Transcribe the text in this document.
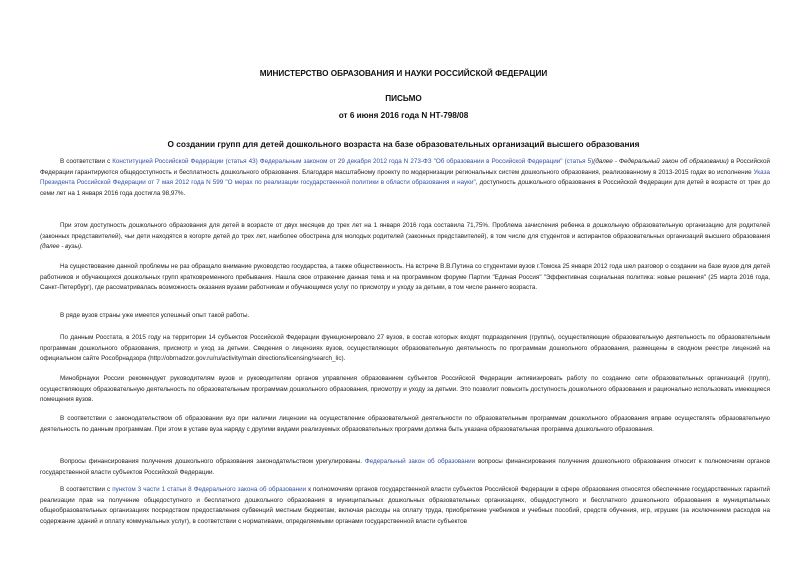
МИНИСТЕРСТВО ОБРАЗОВАНИЯ И НАУКИ РОССИЙСКОЙ ФЕДЕРАЦИИ
ПИСЬМО
от 6 июня 2016 года N НТ-798/08
О создании групп для детей дошкольного возраста на базе образовательных организаций высшего образования
В соответствии с Конституцией Российской Федерации (статья 43) Федеральным законом от 29 декабря 2012 года N 273-ФЗ "Об образовании в Российской Федерации" (статья 5)(далее - Федеральный закон об образовании) в Российской Федерации гарантируются общедоступность и бесплатность дошкольного образования. Благодаря масштабному проекту по модернизации региональных систем дошкольного образования, реализованному в 2013-2015 годах во исполнение Указа Президента Российской Федерации от 7 мая 2012 года N 599 "О мерах по реализации государственной политики в области образования и науки", доступность дошкольного образования в Российской Федерации для детей в возрасте от трех до семи лет на 1 января 2016 года достигла 98,97%.
При этом доступность дошкольного образования для детей в возрасте от двух месяцев до трех лет на 1 января 2016 года составила 71,75%. Проблема зачисления ребенка в дошкольную образовательную организацию для родителей (законных представителей), чьи дети находятся в когорте детей до трех лет, наиболее обострена для молодых родителей (законных представителей), в том числе для студентов и аспирантов образовательных организаций высшего образования (далее - вузы).
На существование данной проблемы не раз обращало внимание руководство государства, а также общественность. На встрече В.В.Путина со студентами вузов г.Томска 25 января 2012 года шел разговор о создании на базе вузов для детей работников и обучающихся дошкольных групп кратковременного пребывания. Нашла свое отражение данная тема и на программном форуме Партии "Единая Россия" "Эффективная социальная политика: новые решения" (25 марта 2016 года, Санкт-Петербург), где рассматривалась возможность оказания вузами работникам и обучающимся услуг по присмотру и уходу за детьми, в том числе раннего возраста.
В ряде вузов страны уже имеется успешный опыт такой работы.
По данным Росстата, в 2015 году на территории 14 субъектов Российской Федерации функционировало 27 вузов, в состав которых входят подразделения (группы), осуществляющие образовательную деятельность по образовательным программам дошкольного образования, присмотр и уход за детьми. Сведения о лицензиях вузов, осуществляющих образовательную деятельность по программам дошкольного образования, размещены в сводном реестре лицензий на официальном сайте Рособрнадзора (http://obrnadzor.gov.ru/ru/activity/main directions/licensing/search_lic).
Минобрнауки России рекомендует руководителям вузов и руководителям органов управления образованием субъектов Российской Федерации активизировать работу по созданию сети образовательных организаций (групп), осуществляющих образовательную деятельность по образовательным программам дошкольного образования, присмотру и уходу за детьми. Это позволит повысить доступность дошкольного образования и рационально использовать имеющиеся помещения вузов.
В соответствии с законодательством об образовании вуз при наличии лицензии на осуществление образовательной деятельности по образовательным программам дошкольного образования вправе осуществлять образовательную деятельность по данным программам. При этом в уставе вуза наряду с другими видами реализуемых образовательных программ должна быть указана образовательная программа дошкольного образования.
Вопросы финансирования получения дошкольного образования законодательством урегулированы. Федеральный закон об образовании вопросы финансирования получения дошкольного образования относит к полномочиям органов государственной власти субъектов Российской Федерации.
В соответствии с пунктом 3 части 1 статьи 8 Федерального закона об образовании к полномочиям органов государственной власти субъектов Российской Федерации в сфере образования относятся обеспечение государственных гарантий реализации прав на получение общедоступного и бесплатного дошкольного образования в муниципальных дошкольных образовательных организациях, общедоступного и бесплатного дошкольного образования в муниципальных общеобразовательных организациях посредством предоставления субвенций местным бюджетам, включая расходы на оплату труда, приобретение учебников и учебных пособий, средств обучения, игр, игрушек (за исключением расходов на содержание зданий и оплату коммунальных услуг), в соответствии с нормативами, определяемыми органами государственной власти субъектов
